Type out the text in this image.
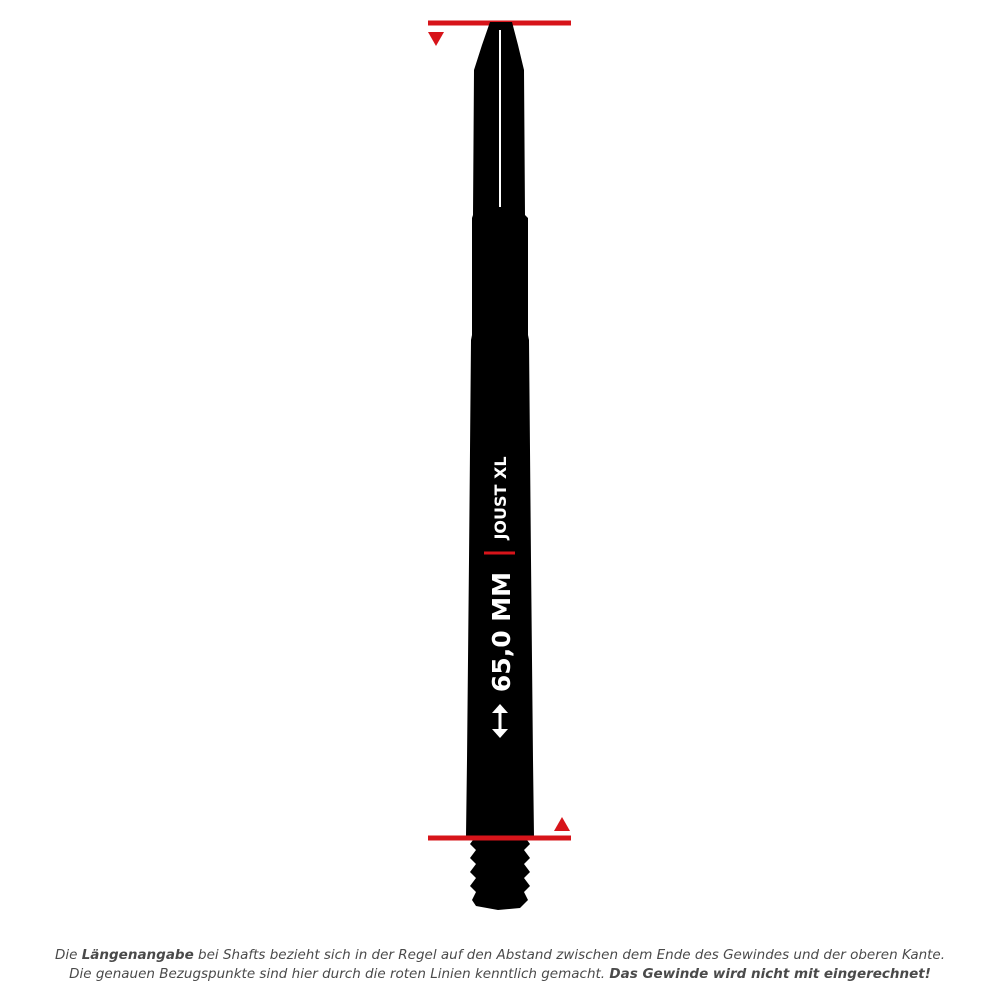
JOUST XL
65,0 MM
Die Längenangabe bei Shafts bezieht sich in der Regel auf den Abstand zwischen dem Ende des Gewindes und der oberen Kante.
Die genauen Bezugspunkte sind hier durch die roten Linien kenntlich gemacht. Das Gewinde wird nicht mit eingerechnet!
